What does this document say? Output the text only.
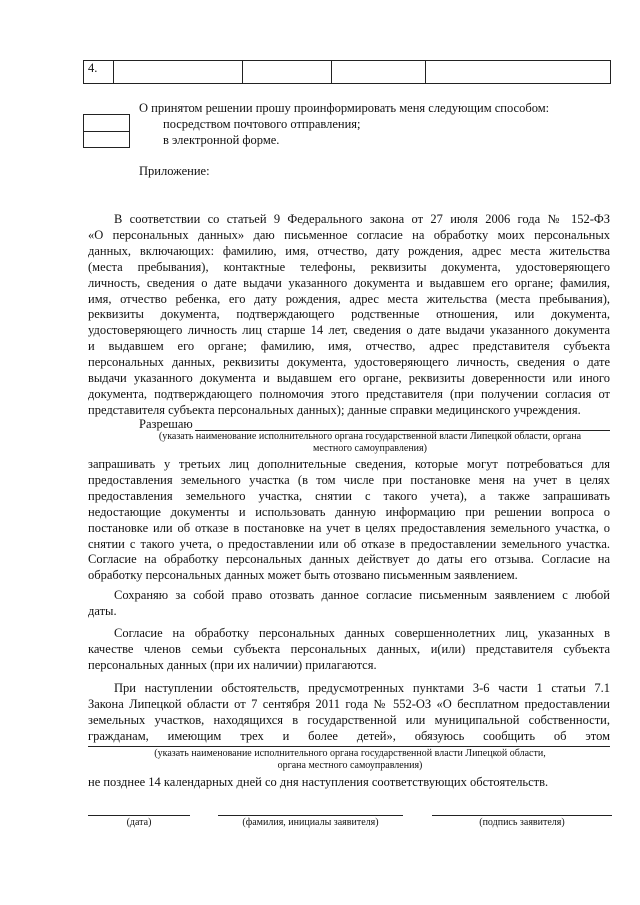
4.				
О принятом решении прошу проинформировать меня следующим способом:
посредством почтового отправления;
в электронной форме.
Приложение:
В соответствии со статьей 9 Федерального закона от 27 июля 2006 года № 152-ФЗ
«О персональных данных» даю письменное согласие на обработку моих персональных
данных, включающих: фамилию, имя, отчество, дату рождения, адрес места жительства
(места пребывания), контактные телефоны, реквизиты документа, удостоверяющего
личность, сведения о дате выдачи указанного документа и выдавшем его органе; фамилия,
имя, отчество ребенка, его дату рождения, адрес места жительства (места пребывания),
реквизиты документа, подтверждающего родственные отношения, или документа,
удостоверяющего личность лиц старше 14 лет, сведения о дате выдачи указанного документа
и выдавшем его органе; фамилию, имя, отчество, адрес представителя субъекта
персональных данных, реквизиты документа, удостоверяющего личность, сведения о дате
выдачи указанного документа и выдавшем его органе, реквизиты доверенности или иного
документа, подтверждающего полномочия этого представителя (при получении согласия от
представителя субъекта персональных данных); данные справки медицинского учреждения.
Разрешаю
(указать наименование исполнительного органа государственной власти Липецкой области, органа
местного самоуправления)
запрашивать у третьих лиц дополнительные сведения, которые могут потребоваться для
предоставления земельного участка (в том числе при постановке меня на учет в целях
предоставления земельного участка, снятии с такого учета), а также запрашивать
недостающие документы и использовать данную информацию при решении вопроса о
постановке или об отказе в постановке на учет в целях предоставления земельного участка, о
снятии с такого учета, о предоставлении или об отказе в предоставлении земельного участка.
Согласие на обработку персональных данных действует до даты его отзыва. Согласие на
обработку персональных данных может быть отозвано письменным заявлением.
Сохраняю за собой право отозвать данное согласие письменным заявлением с любой
даты.
Согласие на обработку персональных данных совершеннолетних лиц, указанных в
качестве членов семьи субъекта персональных данных, и(или) представителя субъекта
персональных данных (при их наличии) прилагаются.
При наступлении обстоятельств, предусмотренных пунктами 3-6 части 1 статьи 7.1
Закона Липецкой области от 7 сентября 2011 года № 552-ОЗ «О бесплатном предоставлении
земельных участков, находящихся в государственной или муниципальной собственности,
гражданам, имеющим трех и более детей», обязуюсь сообщить об этом
(указать наименование исполнительного органа государственной власти Липецкой области,
органа местного самоуправления)
не позднее 14 календарных дней со дня наступления соответствующих обстоятельств.
(дата)	(фамилия, инициалы заявителя)	(подпись заявителя)
